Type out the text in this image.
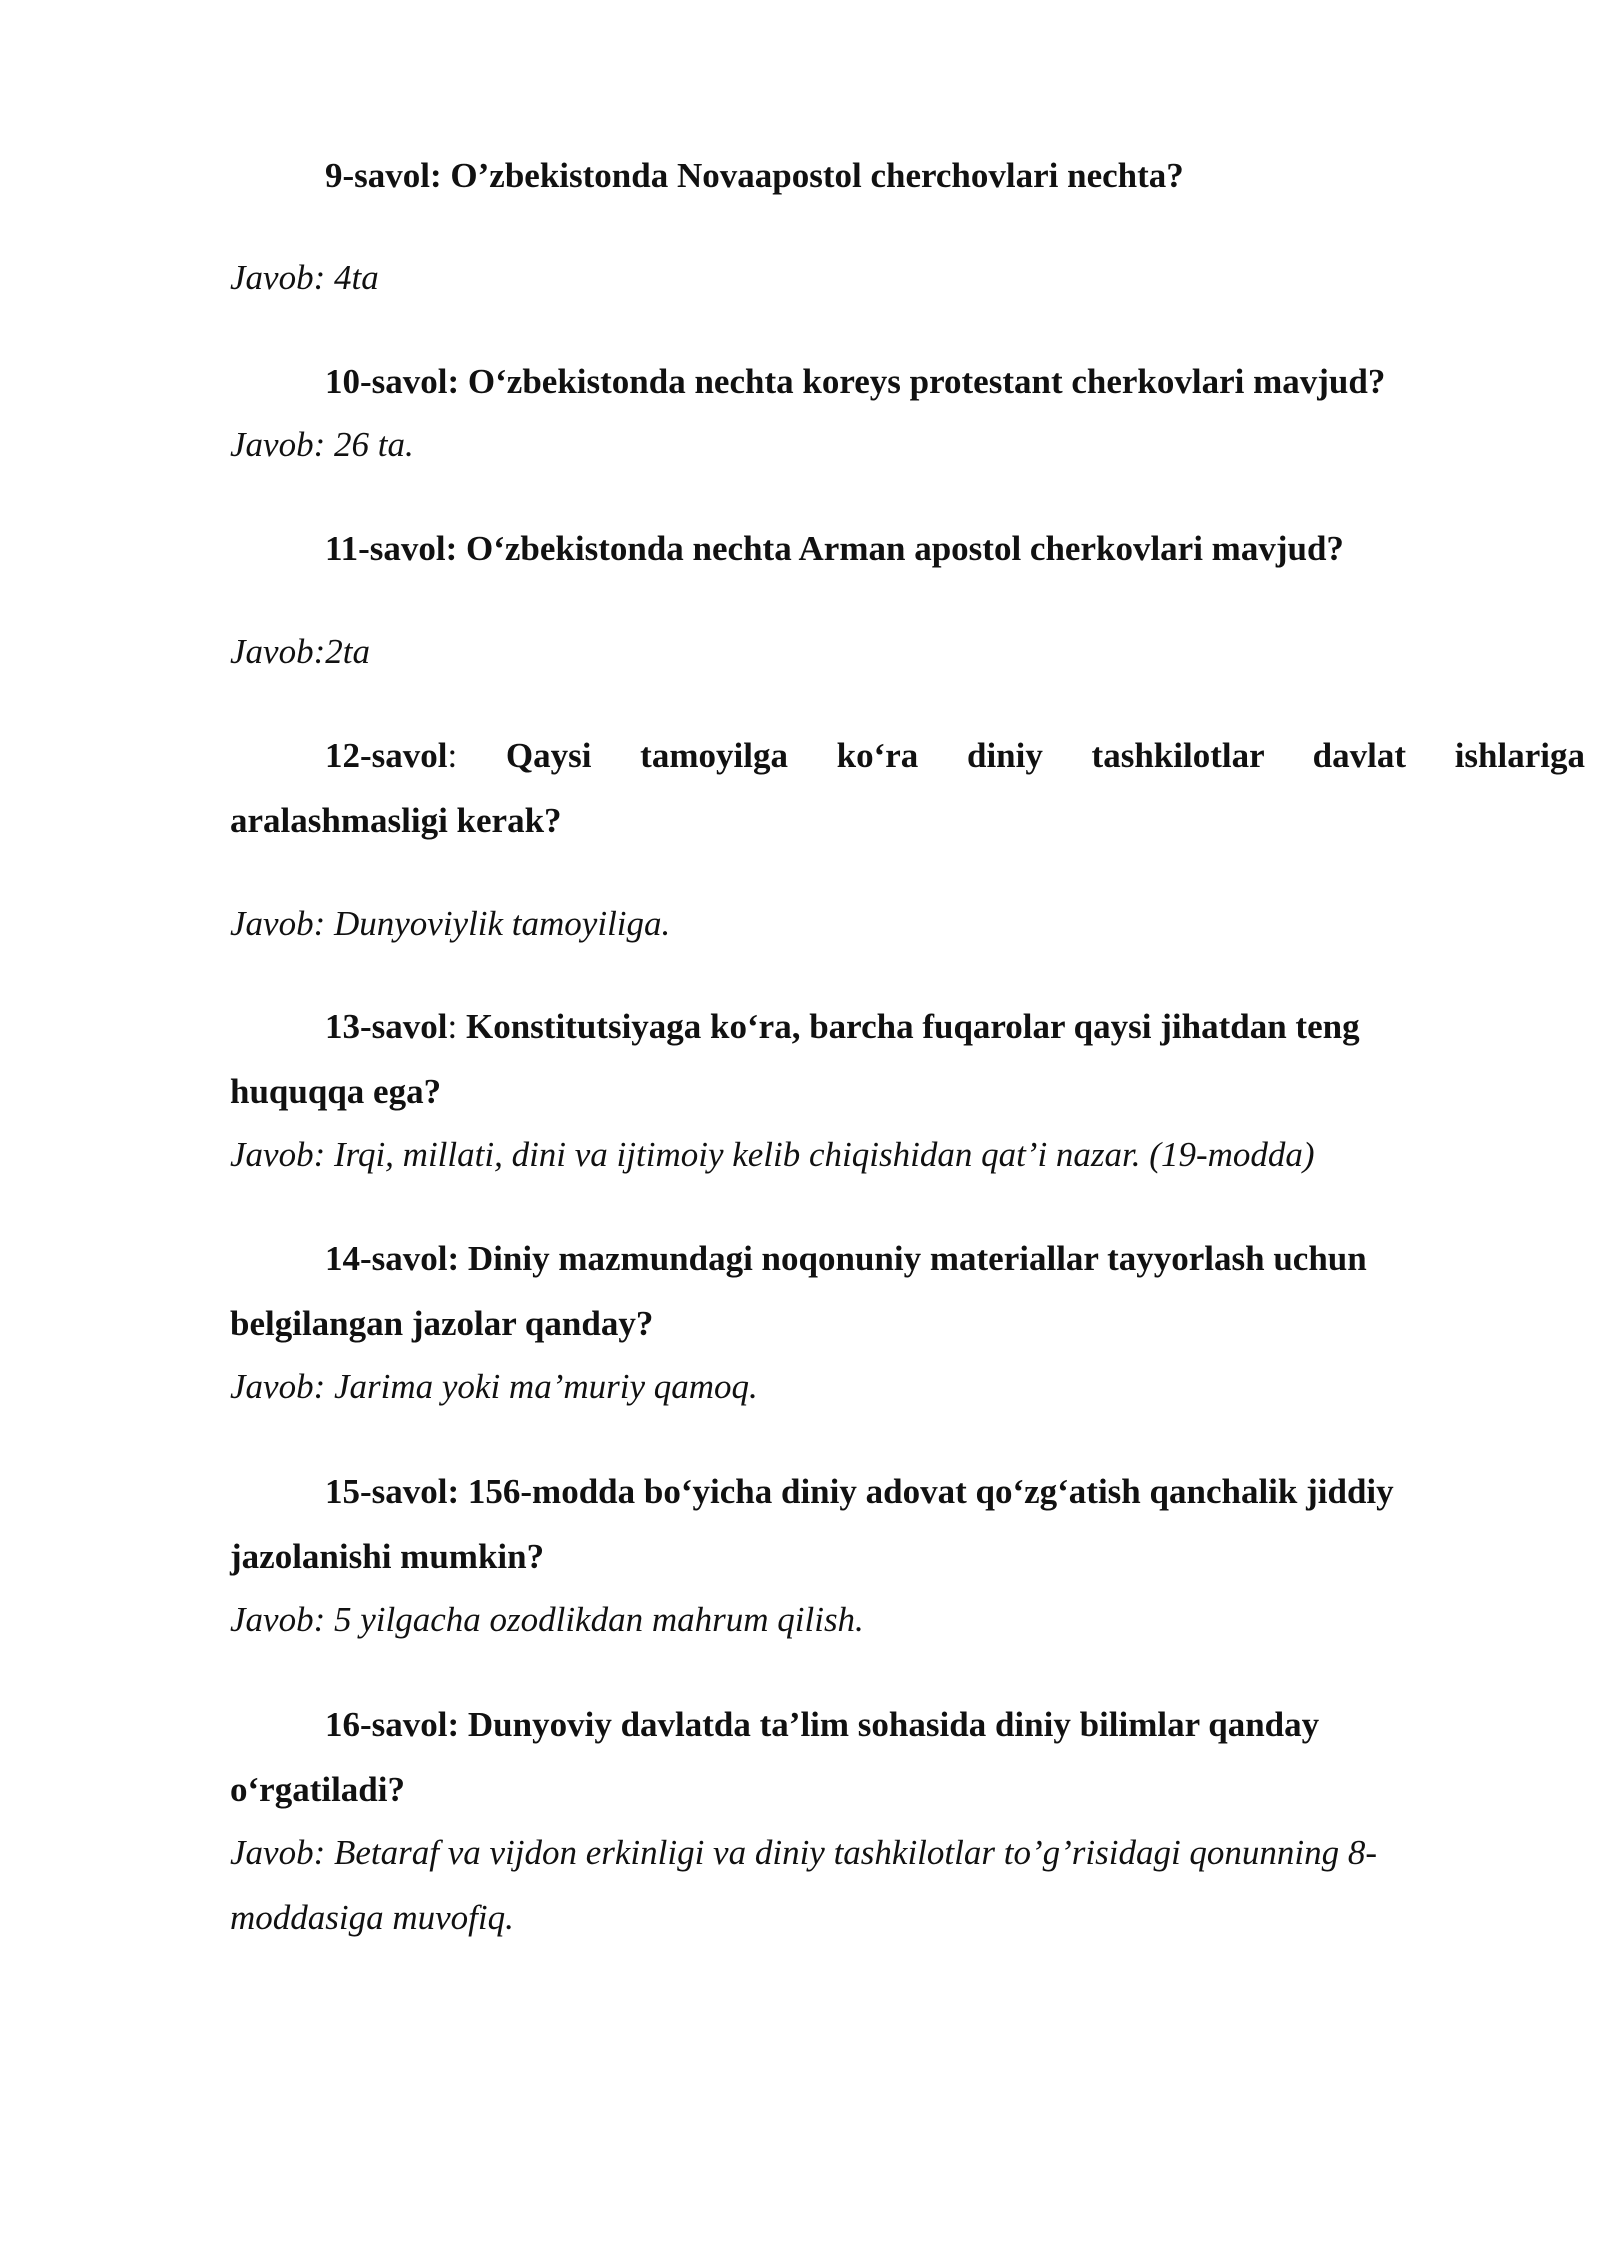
9-savol: O’zbekistonda Novaapostol cherchovlari nechta?
Javob: 4ta
10-savol: O‘zbekistonda nechta koreys protestant cherkovlari mavjud?
Javob: 26 ta.
11-savol: O‘zbekistonda nechta Arman apostol cherkovlari mavjud?
Javob:2ta
12-savol: Qaysi tamoyilga ko‘ra diniy tashkilotlar davlat ishlariga
aralashmasligi kerak?
Javob: Dunyoviylik tamoyiliga.
13-savol: Konstitutsiyaga ko‘ra, barcha fuqarolar qaysi jihatdan teng
huquqqa ega?
Javob: Irqi, millati, dini va ijtimoiy kelib chiqishidan qat’i nazar. (19-modda)
14-savol: Diniy mazmundagi noqonuniy materiallar tayyorlash uchun
belgilangan jazolar qanday?
Javob: Jarima yoki ma’muriy qamoq.
15-savol: 156-modda bo‘yicha diniy adovat qo‘zg‘atish qanchalik jiddiy
jazolanishi mumkin?
Javob: 5 yilgacha ozodlikdan mahrum qilish.
16-savol: Dunyoviy davlatda ta’lim sohasida diniy bilimlar qanday
o‘rgatiladi?
Javob: Betaraf va vijdon erkinligi va diniy tashkilotlar to’g’risidagi qonunning 8-
moddasiga muvofiq.
